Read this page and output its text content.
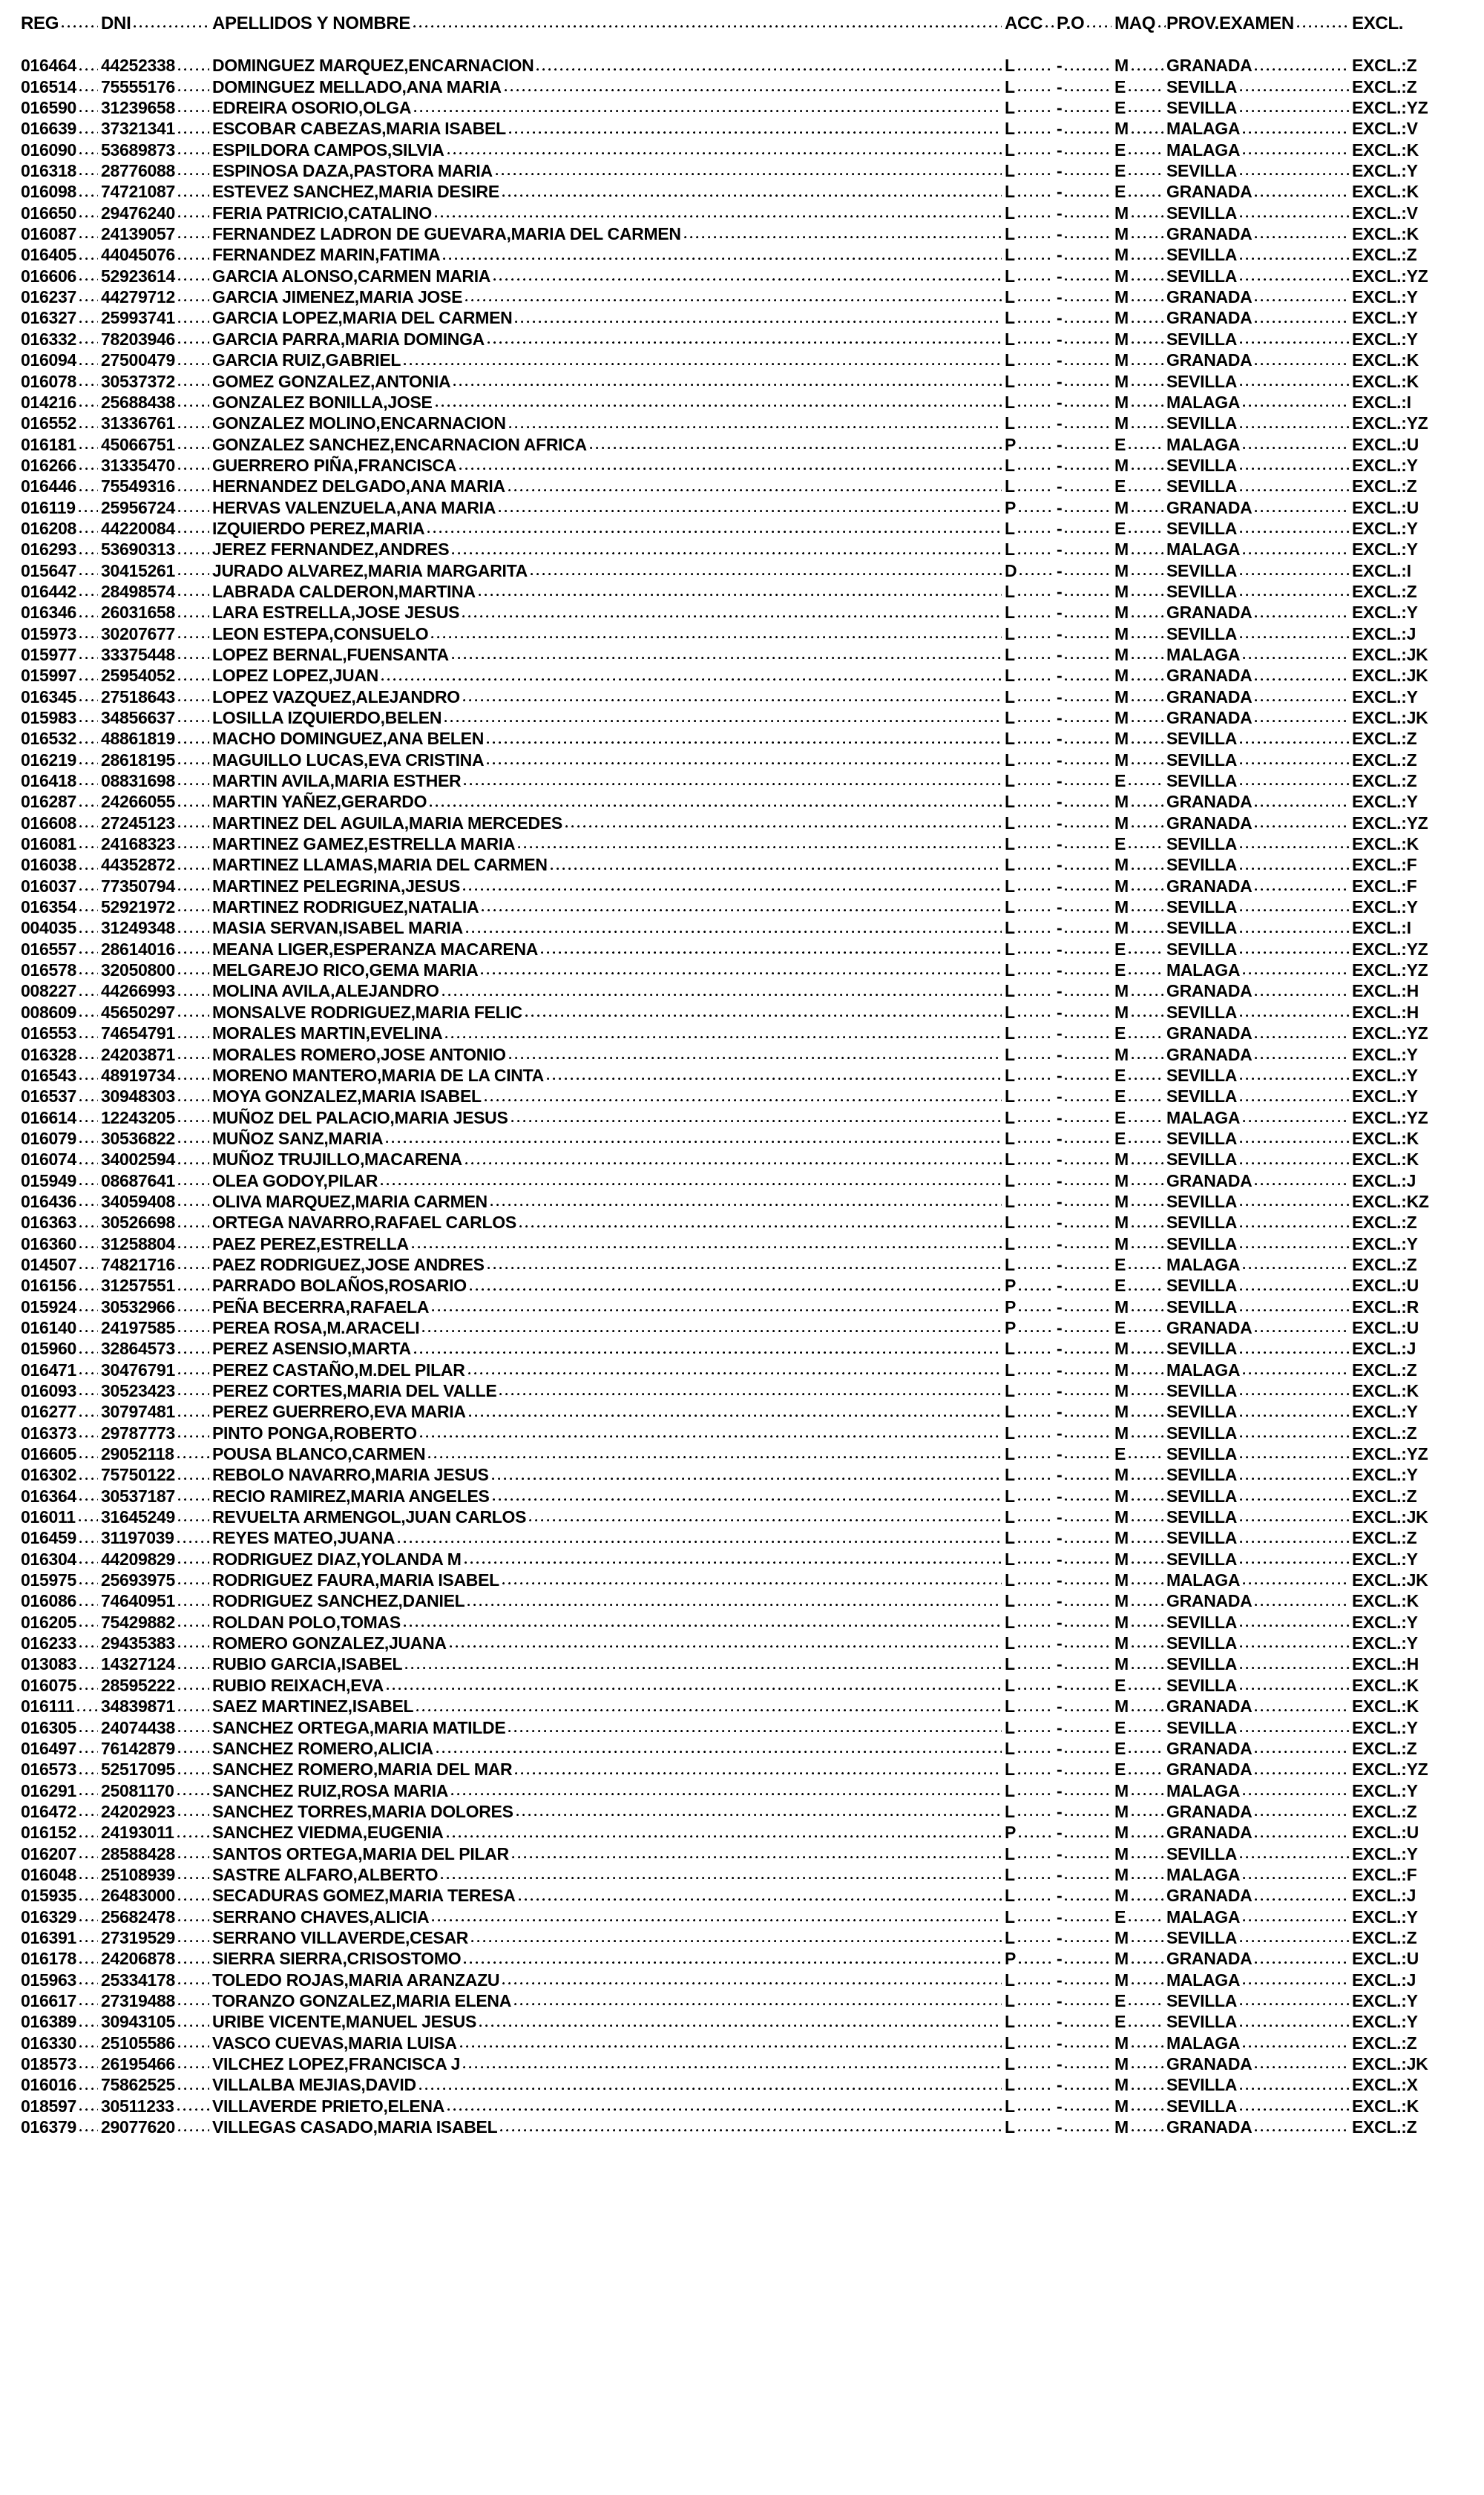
REG DNI	APELLIDOS Y NOMBRE	ACC P.O MAQ PROV.EXAMEN	EXCL.
016464 44252338 DOMINGUEZ MARQUEZ,ENCARNACION	L -	M GRANADA	EXCL.:Z
016514 75555176 DOMINGUEZ MELLADO,ANA MARIA	L -	E SEVILLA	EXCL.:Z
016590 31239658 EDREIRA OSORIO,OLGA	L -	E SEVILLA	EXCL.:YZ
016639 37321341 ESCOBAR CABEZAS,MARIA ISABEL	L -	M MALAGA	EXCL.:V
016090 53689873 ESPILDORA CAMPOS,SILVIA	L -	E MALAGA	EXCL.:K
016318 28776088 ESPINOSA DAZA,PASTORA MARIA	L -	E SEVILLA	EXCL.:Y
016098 74721087 ESTEVEZ SANCHEZ,MARIA DESIRE	L -	E GRANADA	EXCL.:K
016650 29476240 FERIA PATRICIO,CATALINO	L -	M SEVILLA	EXCL.:V
016087 24139057 FERNANDEZ LADRON DE GUEVARA,MARIA DEL CARMEN	L -	M GRANADA	EXCL.:K
016405 44045076 FERNANDEZ MARIN,FATIMA	L -	M SEVILLA	EXCL.:Z
016606 52923614 GARCIA ALONSO,CARMEN MARIA	L -	M SEVILLA	EXCL.:YZ
016237 44279712 GARCIA JIMENEZ,MARIA JOSE	L -	M GRANADA	EXCL.:Y
016327 25993741 GARCIA LOPEZ,MARIA DEL CARMEN	L -	M GRANADA	EXCL.:Y
016332 78203946 GARCIA PARRA,MARIA DOMINGA	L -	M SEVILLA	EXCL.:Y
016094 27500479 GARCIA RUIZ,GABRIEL	L -	M GRANADA	EXCL.:K
016078 30537372 GOMEZ GONZALEZ,ANTONIA	L -	M SEVILLA	EXCL.:K
014216 25688438 GONZALEZ BONILLA,JOSE	L -	M MALAGA	EXCL.:I
016552 31336761 GONZALEZ MOLINO,ENCARNACION	L -	M SEVILLA	EXCL.:YZ
016181 45066751 GONZALEZ SANCHEZ,ENCARNACION AFRICA	P -	E MALAGA	EXCL.:U
016266 31335470 GUERRERO PIÑA,FRANCISCA	L -	M SEVILLA	EXCL.:Y
016446 75549316 HERNANDEZ DELGADO,ANA MARIA	L -	E SEVILLA	EXCL.:Z
016119 25956724 HERVAS VALENZUELA,ANA MARIA	P -	M GRANADA	EXCL.:U
016208 44220084 IZQUIERDO PEREZ,MARIA	L -	E SEVILLA	EXCL.:Y
016293 53690313 JEREZ FERNANDEZ,ANDRES	L -	M MALAGA	EXCL.:Y
015647 30415261 JURADO ALVAREZ,MARIA MARGARITA	D -	M SEVILLA	EXCL.:I
016442 28498574 LABRADA CALDERON,MARTINA	L -	M SEVILLA	EXCL.:Z
016346 26031658 LARA ESTRELLA,JOSE JESUS	L -	M GRANADA	EXCL.:Y
015973 30207677 LEON ESTEPA,CONSUELO	L -	M SEVILLA	EXCL.:J
015977 33375448 LOPEZ BERNAL,FUENSANTA	L -	M MALAGA	EXCL.:JK
015997 25954052 LOPEZ LOPEZ,JUAN	L -	M GRANADA	EXCL.:JK
016345 27518643 LOPEZ VAZQUEZ,ALEJANDRO	L -	M GRANADA	EXCL.:Y
015983 34856637 LOSILLA IZQUIERDO,BELEN	L -	M GRANADA	EXCL.:JK
016532 48861819 MACHO DOMINGUEZ,ANA BELEN	L -	M SEVILLA	EXCL.:Z
016219 28618195 MAGUILLO LUCAS,EVA CRISTINA	L -	M SEVILLA	EXCL.:Z
016418 08831698 MARTIN AVILA,MARIA ESTHER	L -	E SEVILLA	EXCL.:Z
016287 24266055 MARTIN YAÑEZ,GERARDO	L -	M GRANADA	EXCL.:Y
016608 27245123 MARTINEZ DEL AGUILA,MARIA MERCEDES	L -	M GRANADA	EXCL.:YZ
016081 24168323 MARTINEZ GAMEZ,ESTRELLA MARIA	L -	E SEVILLA	EXCL.:K
016038 44352872 MARTINEZ LLAMAS,MARIA DEL CARMEN	L -	M SEVILLA	EXCL.:F
016037 77350794 MARTINEZ PELEGRINA,JESUS	L -	M GRANADA	EXCL.:F
016354 52921972 MARTINEZ RODRIGUEZ,NATALIA	L -	M SEVILLA	EXCL.:Y
004035 31249348 MASIA SERVAN,ISABEL MARIA	L -	M SEVILLA	EXCL.:I
016557 28614016 MEANA LIGER,ESPERANZA MACARENA	L -	E SEVILLA	EXCL.:YZ
016578 32050800 MELGAREJO RICO,GEMA MARIA	L -	E MALAGA	EXCL.:YZ
008227 44266993 MOLINA AVILA,ALEJANDRO	L -	M GRANADA	EXCL.:H
008609 45650297 MONSALVE RODRIGUEZ,MARIA FELIC	L -	M SEVILLA	EXCL.:H
016553 74654791 MORALES MARTIN,EVELINA	L -	E GRANADA	EXCL.:YZ
016328 24203871 MORALES ROMERO,JOSE ANTONIO	L -	M GRANADA	EXCL.:Y
016543 48919734 MORENO MANTERO,MARIA DE LA CINTA	L -	E SEVILLA	EXCL.:Y
016537 30948303 MOYA GONZALEZ,MARIA ISABEL	L -	E SEVILLA	EXCL.:Y
016614 12243205 MUÑOZ DEL PALACIO,MARIA JESUS	L -	E MALAGA	EXCL.:YZ
016079 30536822 MUÑOZ SANZ,MARIA	L -	E SEVILLA	EXCL.:K
016074 34002594 MUÑOZ TRUJILLO,MACARENA	L -	M SEVILLA	EXCL.:K
015949 08687641 OLEA GODOY,PILAR	L -	M GRANADA	EXCL.:J
016436 34059408 OLIVA MARQUEZ,MARIA CARMEN	L -	M SEVILLA	EXCL.:KZ
016363 30526698 ORTEGA NAVARRO,RAFAEL CARLOS	L -	M SEVILLA	EXCL.:Z
016360 31258804 PAEZ PEREZ,ESTRELLA	L -	M SEVILLA	EXCL.:Y
014507 74821716 PAEZ RODRIGUEZ,JOSE ANDRES	L -	E MALAGA	EXCL.:Z
016156 31257551 PARRADO BOLAÑOS,ROSARIO	P -	E SEVILLA	EXCL.:U
015924 30532966 PEÑA BECERRA,RAFAELA	P -	M SEVILLA	EXCL.:R
016140 24197585 PEREA ROSA,M.ARACELI	P -	E GRANADA	EXCL.:U
015960 32864573 PEREZ ASENSIO,MARTA	L -	M SEVILLA	EXCL.:J
016471 30476791 PEREZ CASTAÑO,M.DEL PILAR	L -	M MALAGA	EXCL.:Z
016093 30523423 PEREZ CORTES,MARIA DEL VALLE	L -	M SEVILLA	EXCL.:K
016277 30797481 PEREZ GUERRERO,EVA MARIA	L -	M SEVILLA	EXCL.:Y
016373 29787773 PINTO PONGA,ROBERTO	L -	M SEVILLA	EXCL.:Z
016605 29052118 POUSA BLANCO,CARMEN	L -	E SEVILLA	EXCL.:YZ
016302 75750122 REBOLO NAVARRO,MARIA JESUS	L -	M SEVILLA	EXCL.:Y
016364 30537187 RECIO RAMIREZ,MARIA ANGELES	L -	M SEVILLA	EXCL.:Z
016011 31645249 REVUELTA ARMENGOL,JUAN CARLOS	L -	M SEVILLA	EXCL.:JK
016459 31197039 REYES MATEO,JUANA	L -	M SEVILLA	EXCL.:Z
016304 44209829 RODRIGUEZ DIAZ,YOLANDA M	L -	M SEVILLA	EXCL.:Y
015975 25693975 RODRIGUEZ FAURA,MARIA ISABEL	L -	M MALAGA	EXCL.:JK
016086 74640951 RODRIGUEZ SANCHEZ,DANIEL	L -	M GRANADA	EXCL.:K
016205 75429882 ROLDAN POLO,TOMAS	L -	M SEVILLA	EXCL.:Y
016233 29435383 ROMERO GONZALEZ,JUANA	L -	M SEVILLA	EXCL.:Y
013083 14327124 RUBIO GARCIA,ISABEL	L -	M SEVILLA	EXCL.:H
016075 28595222 RUBIO REIXACH,EVA	L -	E SEVILLA	EXCL.:K
016111 34839871 SAEZ MARTINEZ,ISABEL	L -	M GRANADA	EXCL.:K
016305 24074438 SANCHEZ ORTEGA,MARIA MATILDE	L -	E SEVILLA	EXCL.:Y
016497 76142879 SANCHEZ ROMERO,ALICIA	L -	E GRANADA	EXCL.:Z
016573 52517095 SANCHEZ ROMERO,MARIA DEL MAR	L -	E GRANADA	EXCL.:YZ
016291 25081170 SANCHEZ RUIZ,ROSA MARIA	L -	M MALAGA	EXCL.:Y
016472 24202923 SANCHEZ TORRES,MARIA DOLORES	L -	M GRANADA	EXCL.:Z
016152 24193011 SANCHEZ VIEDMA,EUGENIA	P -	M GRANADA	EXCL.:U
016207 28588428 SANTOS ORTEGA,MARIA DEL PILAR	L -	M SEVILLA	EXCL.:Y
016048 25108939 SASTRE ALFARO,ALBERTO	L -	M MALAGA	EXCL.:F
015935 26483000 SECADURAS GOMEZ,MARIA TERESA	L -	M GRANADA	EXCL.:J
016329 25682478 SERRANO CHAVES,ALICIA	L -	E MALAGA	EXCL.:Y
016391 27319529 SERRANO VILLAVERDE,CESAR	L -	M SEVILLA	EXCL.:Z
016178 24206878 SIERRA SIERRA,CRISOSTOMO	P -	M GRANADA	EXCL.:U
015963 25334178 TOLEDO ROJAS,MARIA ARANZAZU	L -	M MALAGA	EXCL.:J
016617 27319488 TORANZO GONZALEZ,MARIA ELENA	L -	E SEVILLA	EXCL.:Y
016389 30943105 URIBE VICENTE,MANUEL JESUS	L -	E SEVILLA	EXCL.:Y
016330 25105586 VASCO CUEVAS,MARIA LUISA	L -	M MALAGA	EXCL.:Z
018573 26195466 VILCHEZ LOPEZ,FRANCISCA J	L -	M GRANADA	EXCL.:JK
016016 75862525 VILLALBA MEJIAS,DAVID	L -	M SEVILLA	EXCL.:X
018597 30511233 VILLAVERDE PRIETO,ELENA	L -	M SEVILLA	EXCL.:K
016379 29077620 VILLEGAS CASADO,MARIA ISABEL	L -	M GRANADA	EXCL.:Z
